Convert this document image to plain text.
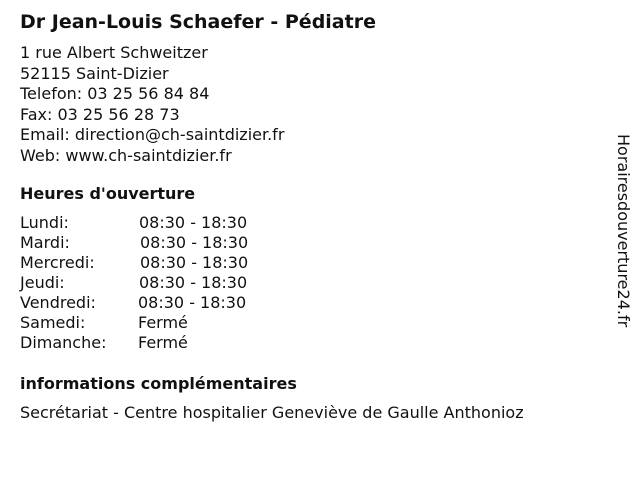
Dr Jean-Louis Schaefer - Pédiatre
1 rue Albert Schweitzer
52115 Saint-Dizier
Telefon: 03 25 56 84 84
Fax: 03 25 56 28 73
Email: direction@ch-saintdizier.fr
Web: www.ch-saintdizier.fr
Heures d'ouverture
Lundi:	08:30 - 18:30
Mardi:	08:30 - 18:30
Mercredi:	08:30 - 18:30
Jeudi:	08:30 - 18:30
Vendredi:	08:30 - 18:30
Samedi:	Fermé
Dimanche: Fermé
informations complémentaires

Secrétariat - Centre hospitalier Geneviève de Gaulle Anthonioz

Horairesdouverture24.fr
